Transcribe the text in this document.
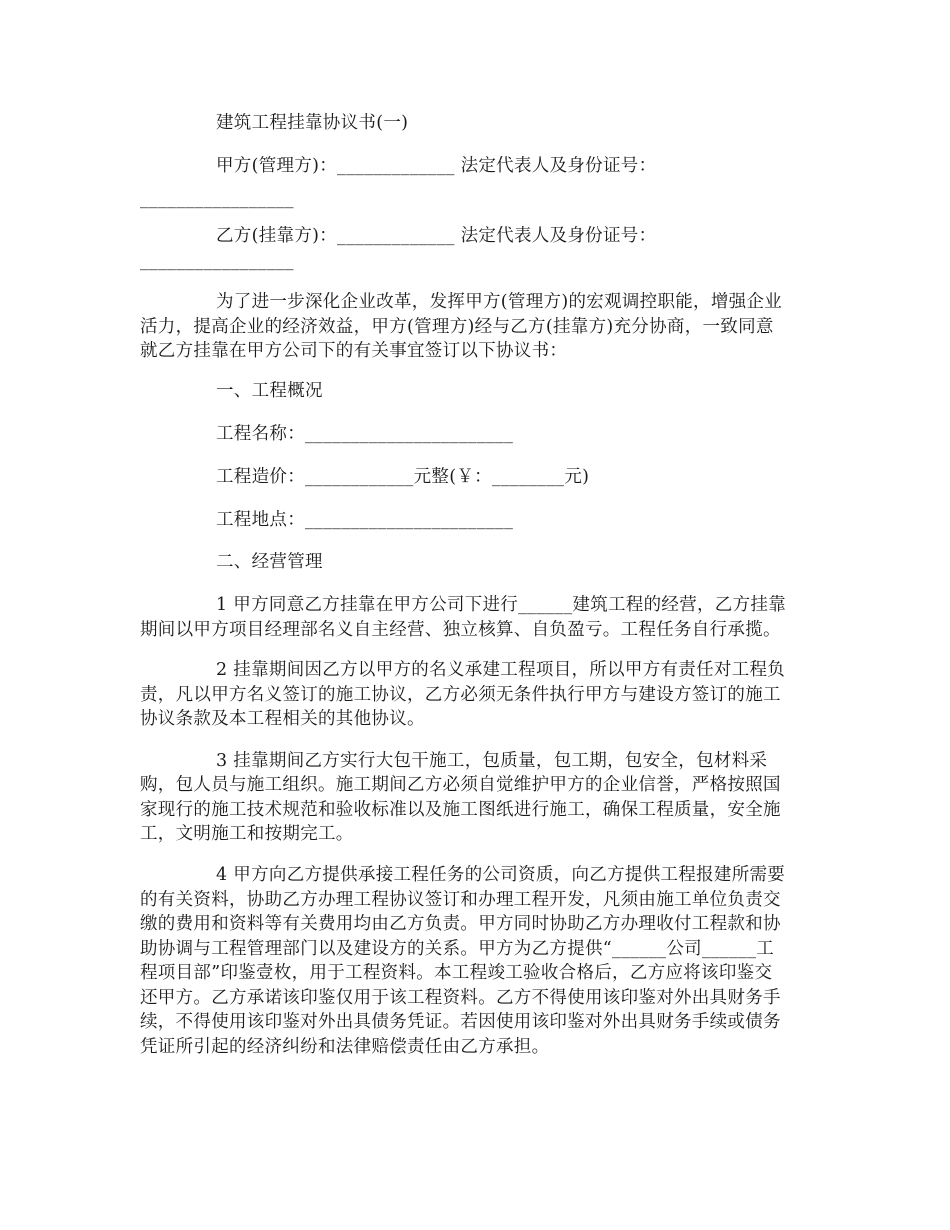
建筑工程挂靠协议书(一)
甲方(管理方)：_____________ 法定代表人及身份证号：
_________________
乙方(挂靠方)：_____________ 法定代表人及身份证号：
_________________
为了进一步深化企业改革，发挥甲方(管理方)的宏观调控职能，增强企业
活力，提高企业的经济效益，甲方(管理方)经与乙方(挂靠方)充分协商，一致同意
就乙方挂靠在甲方公司下的有关事宜签订以下协议书：
一、工程概况
工程名称：_______________________
工程造价：____________元整(￥：________元)
工程地点：_______________________
二、经营管理
1 甲方同意乙方挂靠在甲方公司下进行______建筑工程的经营，乙方挂靠
期间以甲方项目经理部名义自主经营、独立核算、自负盈亏。工程任务自行承揽。
2 挂靠期间因乙方以甲方的名义承建工程项目，所以甲方有责任对工程负
责，凡以甲方名义签订的施工协议，乙方必须无条件执行甲方与建设方签订的施工
协议条款及本工程相关的其他协议。
3 挂靠期间乙方实行大包干施工，包质量，包工期，包安全，包材料采
购，包人员与施工组织。施工期间乙方必须自觉维护甲方的企业信誉，严格按照国
家现行的施工技术规范和验收标准以及施工图纸进行施工，确保工程质量，安全施
工，文明施工和按期完工。
4 甲方向乙方提供承接工程任务的公司资质，向乙方提供工程报建所需要
的有关资料，协助乙方办理工程协议签订和办理工程开发，凡须由施工单位负责交
缴的费用和资料等有关费用均由乙方负责。甲方同时协助乙方办理收付工程款和协
助协调与工程管理部门以及建设方的关系。甲方为乙方提供“______公司______工
程项目部”印鉴壹枚，用于工程资料。本工程竣工验收合格后，乙方应将该印鉴交
还甲方。乙方承诺该印鉴仅用于该工程资料。乙方不得使用该印鉴对外出具财务手
续，不得使用该印鉴对外出具债务凭证。若因使用该印鉴对外出具财务手续或债务
凭证所引起的经济纠纷和法律赔偿责任由乙方承担。
